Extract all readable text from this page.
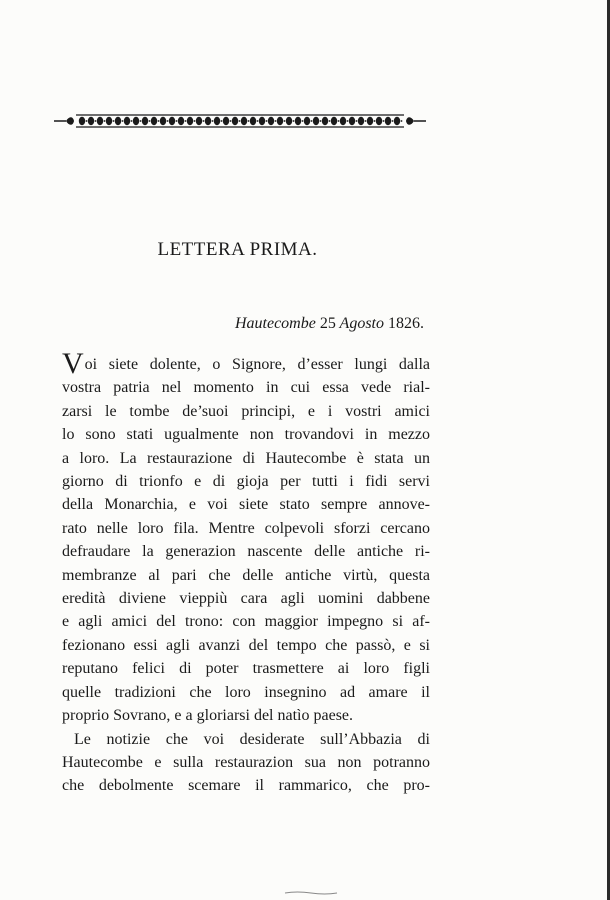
LETTERA PRIMA.
Hautecombe 25 Agosto 1826.
Voi siete dolente, o Signore, d’esser lungi dalla
vostra patria nel momento in cui essa vede rial-
zarsi le tombe de’suoi principi, e i vostri amici
lo sono stati ugualmente non trovandovi in mezzo
a loro. La restaurazione di Hautecombe è stata un
giorno di trionfo e di gioja per tutti i fidi servi
della Monarchia, e voi siete stato sempre annove-
rato nelle loro fila. Mentre colpevoli sforzi cercano
defraudare la generazion nascente delle antiche ri-
membranze al pari che delle antiche virtù, questa
eredità diviene vieppiù cara agli uomini dabbene
e agli amici del trono: con maggior impegno si af-
fezionano essi agli avanzi del tempo che passò, e si
reputano felici di poter trasmettere ai loro figli
quelle tradizioni che loro insegnino ad amare il
proprio Sovrano, e a gloriarsi del natìo paese.
Le notizie che voi desiderate sull’Abbazia di
Hautecombe e sulla restaurazion sua non potranno
che debolmente scemare il rammarico, che pro-
